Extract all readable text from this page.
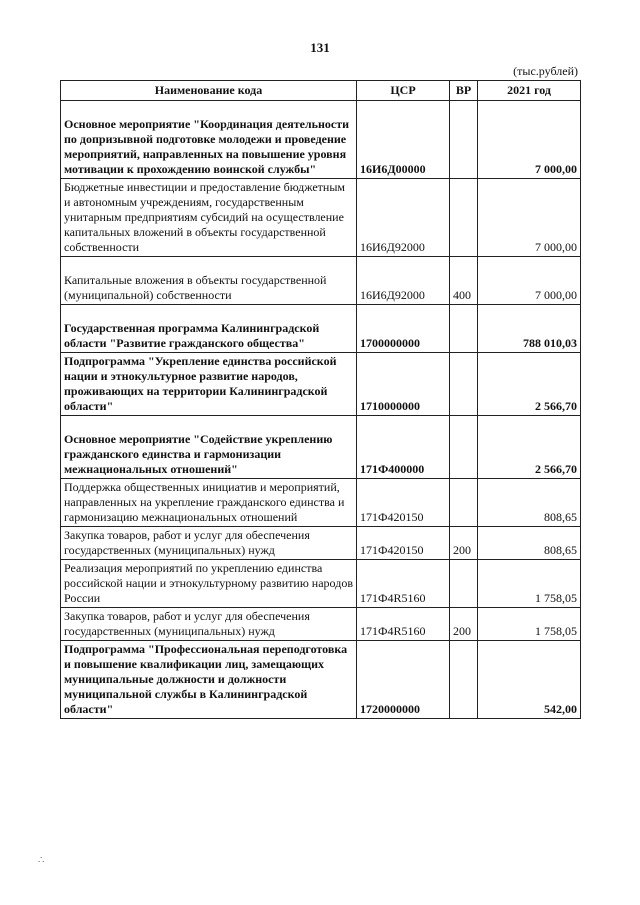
131
(тыс.рублей)
Наименование кода	ЦСР	ВР	2021 год

Основное мероприятие "Координация деятельности по допризывной подготовке молодежи и проведение мероприятий, направленных на повышение уровня мотивации к прохождению воинской службы"	16И6Д00000		7 000,00
Бюджетные инвестиции и предоставление бюджетным и автономным учреждениям, государственным унитарным предприятиям субсидий на осуществление капитальных вложений в объекты государственной собственности	16И6Д92000		7 000,00

Капитальные вложения в объекты государственной (муниципальной) собственности	16И6Д92000	400	7 000,00

Государственная программа Калининградской области "Развитие гражданского общества"	1700000000		788 010,03
Подпрограмма "Укрепление единства российской нации и этнокультурное развитие народов, проживающих на территории Калининградской области"	1710000000		2 566,70

Основное мероприятие "Содействие укреплению гражданского единства и гармонизации межнациональных отношений"	171Ф400000		2 566,70
Поддержка общественных инициатив и мероприятий, направленных на укрепление гражданского единства и гармонизацию межнациональных отношений	171Ф420150		808,65
Закупка товаров, работ и услуг для обеспечения государственных (муниципальных) нужд	171Ф420150	200	808,65
Реализация мероприятий по укреплению единства российской нации и этнокультурному развитию народов России	171Ф4R5160		1 758,05
Закупка товаров, работ и услуг для обеспечения государственных (муниципальных) нужд	171Ф4R5160	200	1 758,05
Подпрограмма "Профессиональная переподготовка и повышение квалификации лиц, замещающих муниципальные должности и должности муниципальной службы в Калининградской области"	1720000000		542,00
∴
